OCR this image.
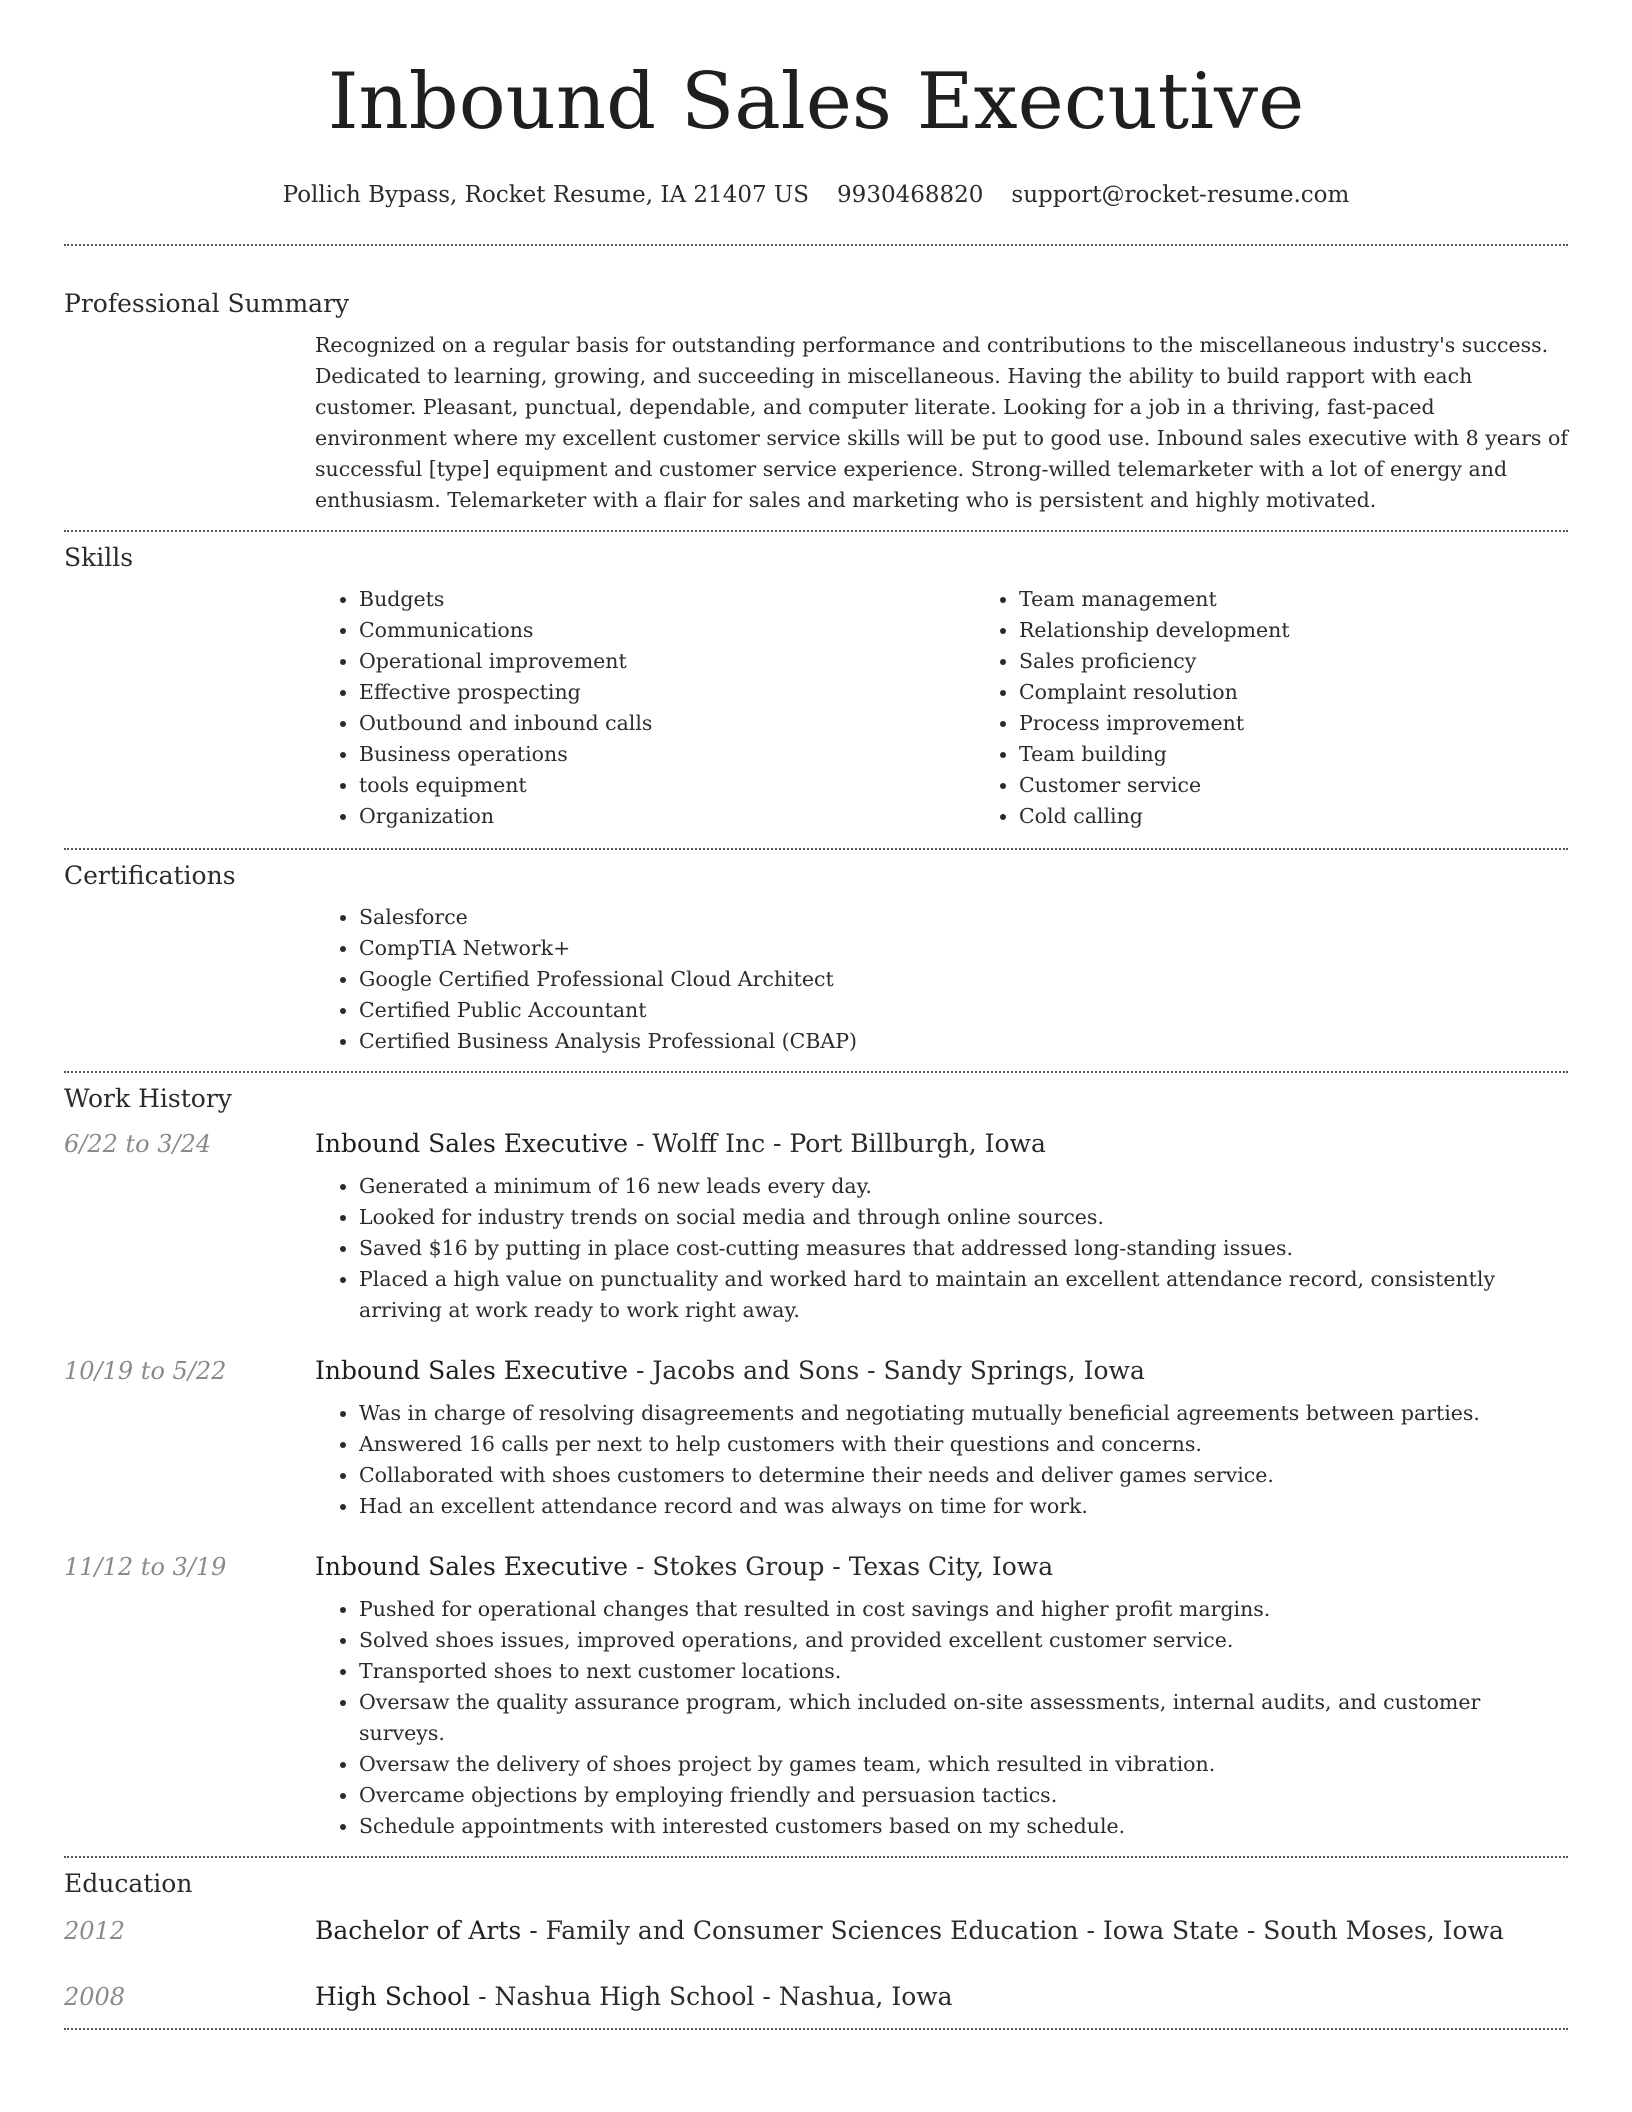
Inbound Sales Executive
Pollich Bypass, Rocket Resume, IA 21407 US 9930468820 support@rocket-resume.com
Professional Summary
Recognized on a regular basis for outstanding performance and contributions to the miscellaneous industry's success. Dedicated to learning, growing, and succeeding in miscellaneous. Having the ability to build rapport with each customer. Pleasant, punctual, dependable, and computer literate. Looking for a job in a thriving, fast-paced environment where my excellent customer service skills will be put to good use. Inbound sales executive with 8 years of successful [type] equipment and customer service experience. Strong-willed telemarketer with a lot of energy and enthusiasm. Telemarketer with a flair for sales and marketing who is persistent and highly motivated.
Skills
• Budgets
• Communications
• Operational improvement
• Effective prospecting
• Outbound and inbound calls
• Business operations
• tools equipment
• Organization
• Team management
• Relationship development
• Sales proficiency
• Complaint resolution
• Process improvement
• Team building
• Customer service
• Cold calling
Certifications
• Salesforce
• CompTIA Network+
• Google Certified Professional Cloud Architect
• Certified Public Accountant
• Certified Business Analysis Professional (CBAP)
Work History
6/22 to 3/24	Inbound Sales Executive - Wolff Inc - Port Billburgh, Iowa
• Generated a minimum of 16 new leads every day.
• Looked for industry trends on social media and through online sources.
• Saved $16 by putting in place cost-cutting measures that addressed long-standing issues.
• Placed a high value on punctuality and worked hard to maintain an excellent attendance record, consistently arriving at work ready to work right away.
10/19 to 5/22	Inbound Sales Executive - Jacobs and Sons - Sandy Springs, Iowa
• Was in charge of resolving disagreements and negotiating mutually beneficial agreements between parties.
• Answered 16 calls per next to help customers with their questions and concerns.
• Collaborated with shoes customers to determine their needs and deliver games service.
• Had an excellent attendance record and was always on time for work.
11/12 to 3/19	Inbound Sales Executive - Stokes Group - Texas City, Iowa
• Pushed for operational changes that resulted in cost savings and higher profit margins.
• Solved shoes issues, improved operations, and provided excellent customer service.
• Transported shoes to next customer locations.
• Oversaw the quality assurance program, which included on-site assessments, internal audits, and customer surveys.
• Oversaw the delivery of shoes project by games team, which resulted in vibration.
• Overcame objections by employing friendly and persuasion tactics.
• Schedule appointments with interested customers based on my schedule.
Education
2012	Bachelor of Arts - Family and Consumer Sciences Education - Iowa State - South Moses, Iowa
2008	High School - Nashua High School - Nashua, Iowa
